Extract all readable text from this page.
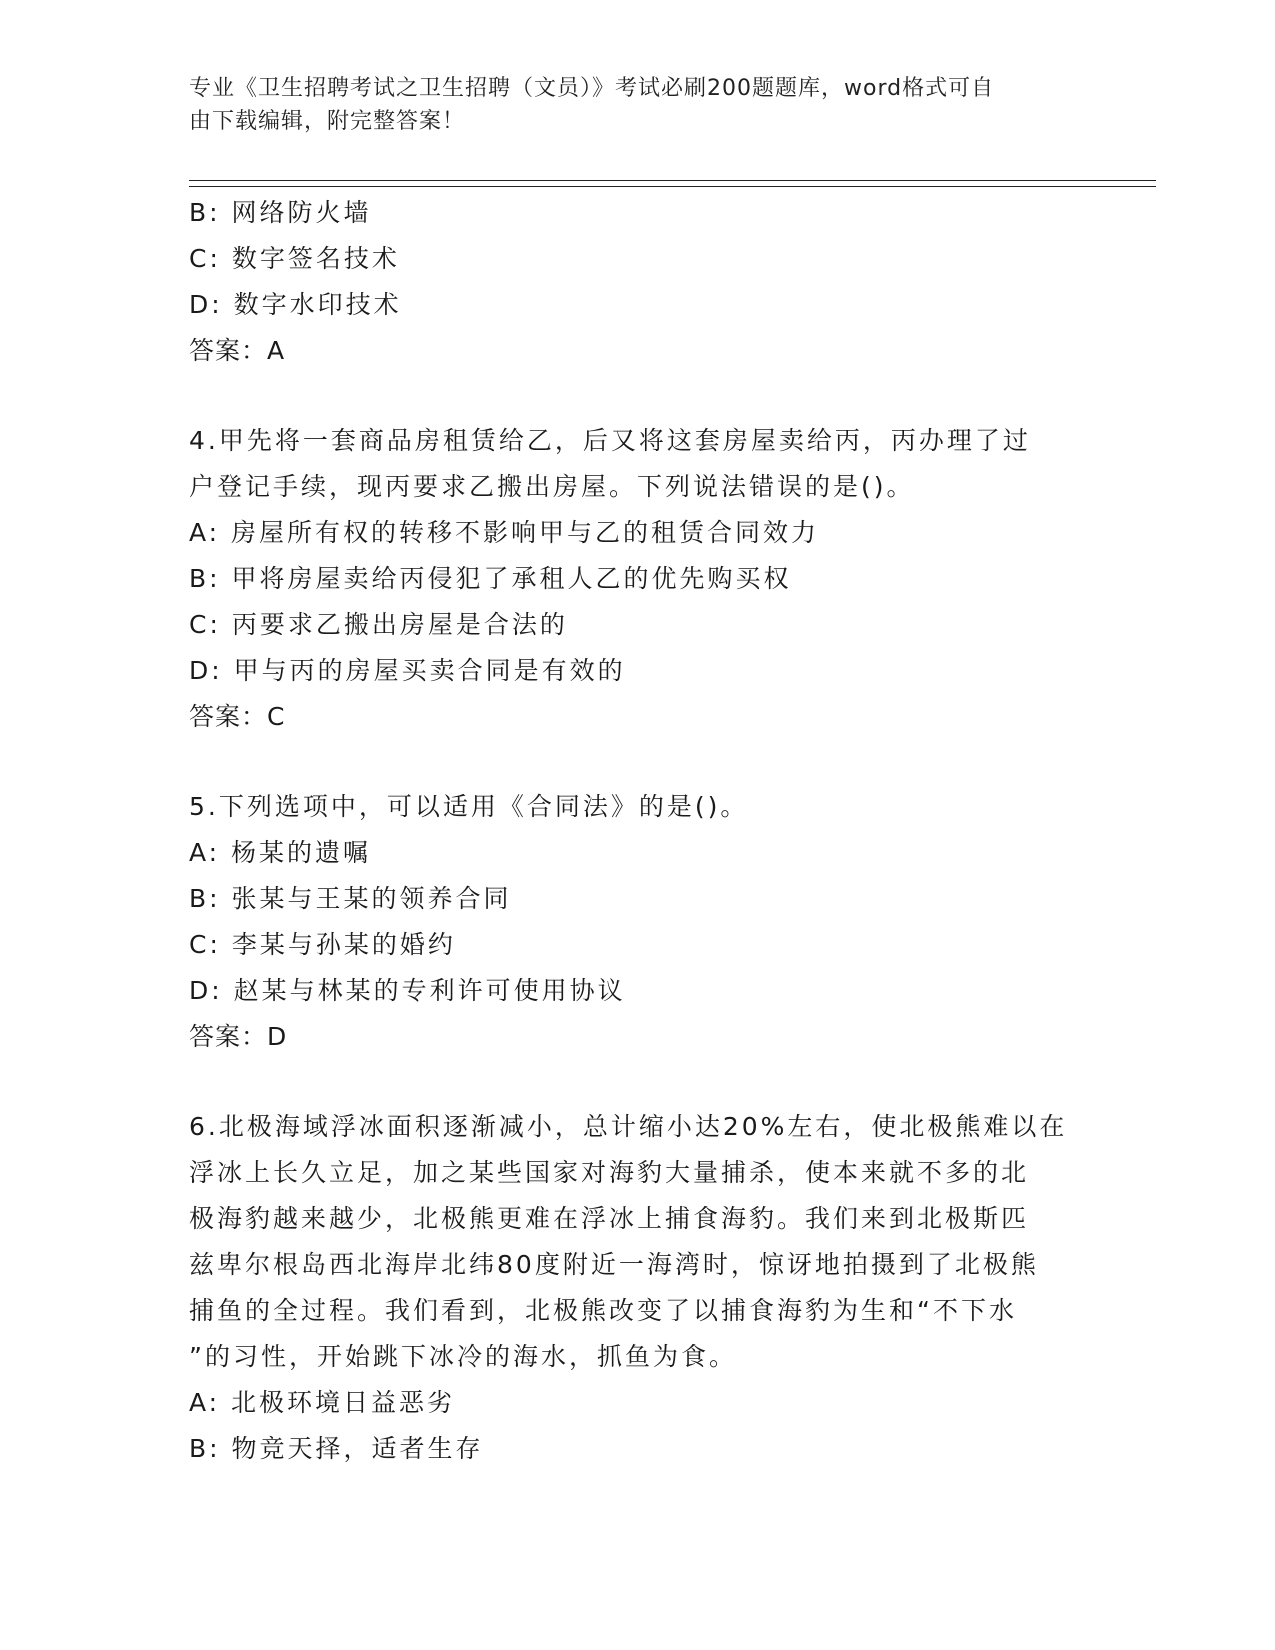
专业《卫生招聘考试之卫生招聘（文员）》考试必刷200题题库，word格式可自
由下载编辑，附完整答案！
B: 网络防火墙
C: 数字签名技术
D: 数字水印技术
答案：A
4.甲先将一套商品房租赁给乙，后又将这套房屋卖给丙，丙办理了过
户登记手续，现丙要求乙搬出房屋。下列说法错误的是()。
A: 房屋所有权的转移不影响甲与乙的租赁合同效力
B: 甲将房屋卖给丙侵犯了承租人乙的优先购买权
C: 丙要求乙搬出房屋是合法的
D: 甲与丙的房屋买卖合同是有效的
答案：C
5.下列选项中，可以适用《合同法》的是()。
A: 杨某的遗嘱
B: 张某与王某的领养合同
C: 李某与孙某的婚约
D: 赵某与林某的专利许可使用协议
答案：D
6.北极海域浮冰面积逐渐减小，总计缩小达20%左右，使北极熊难以在
浮冰上长久立足，加之某些国家对海豹大量捕杀，使本来就不多的北
极海豹越来越少，北极熊更难在浮冰上捕食海豹。我们来到北极斯匹
兹卑尔根岛西北海岸北纬80度附近一海湾时，惊讶地拍摄到了北极熊
捕鱼的全过程。我们看到，北极熊改变了以捕食海豹为生和“不下水
”的习性，开始跳下冰冷的海水，抓鱼为食。
A: 北极环境日益恶劣
B: 物竞天择，适者生存
